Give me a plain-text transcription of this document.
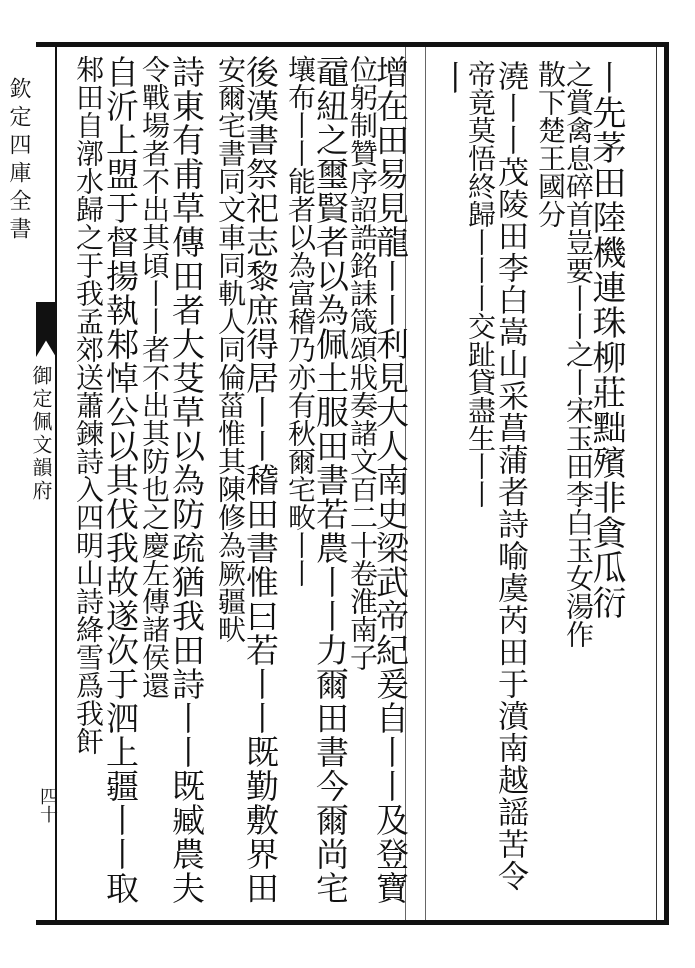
欽定四庫全書
御定佩文韻府
四十
丨先茅田陸機連珠柳莊黜殯非貪瓜衍
之賞禽息碎首豈要丨丨之丨宋玉田李白玉女湯作
散下楚王國分
澆丨丨茂陵田李白嵩山采菖蒲者詩喻虞芮田于濆南越謡苦令
帝竟莫悟終歸丨丨丨交趾貸盡生丨丨
丨
增在田易見龍丨丨利見大人南史梁武帝紀爰自丨丨及登寶
位躬制贊序詔誥銘誄箴頌戕奏諸文百二十卷淮南子
黿紐之璽賢者以為佩土服田書若農丨丨力爾田書今爾尚宅
壤布丨丨能者以為富稽乃亦有秋爾宅畋丨丨
後漢書祭祀志黎庶得居丨丨稽田書惟曰若丨丨既勤敷界田
安爾宅書同文車同軌人同倫菑惟其陳修為厥疆畎
詩東有甫草傳田者大芟草以為防疏猶我田詩丨丨既臧農夫
令戰場者不出其頃丨丨者不出其防也之慶左傳諸侯還
自沂上盟于督揚執邾悼公以其伐我故遂次于泗上疆丨丨取
邾田自漷水歸之于我孟郊送蕭鍊詩入四明山詩絳雪爲我飦
